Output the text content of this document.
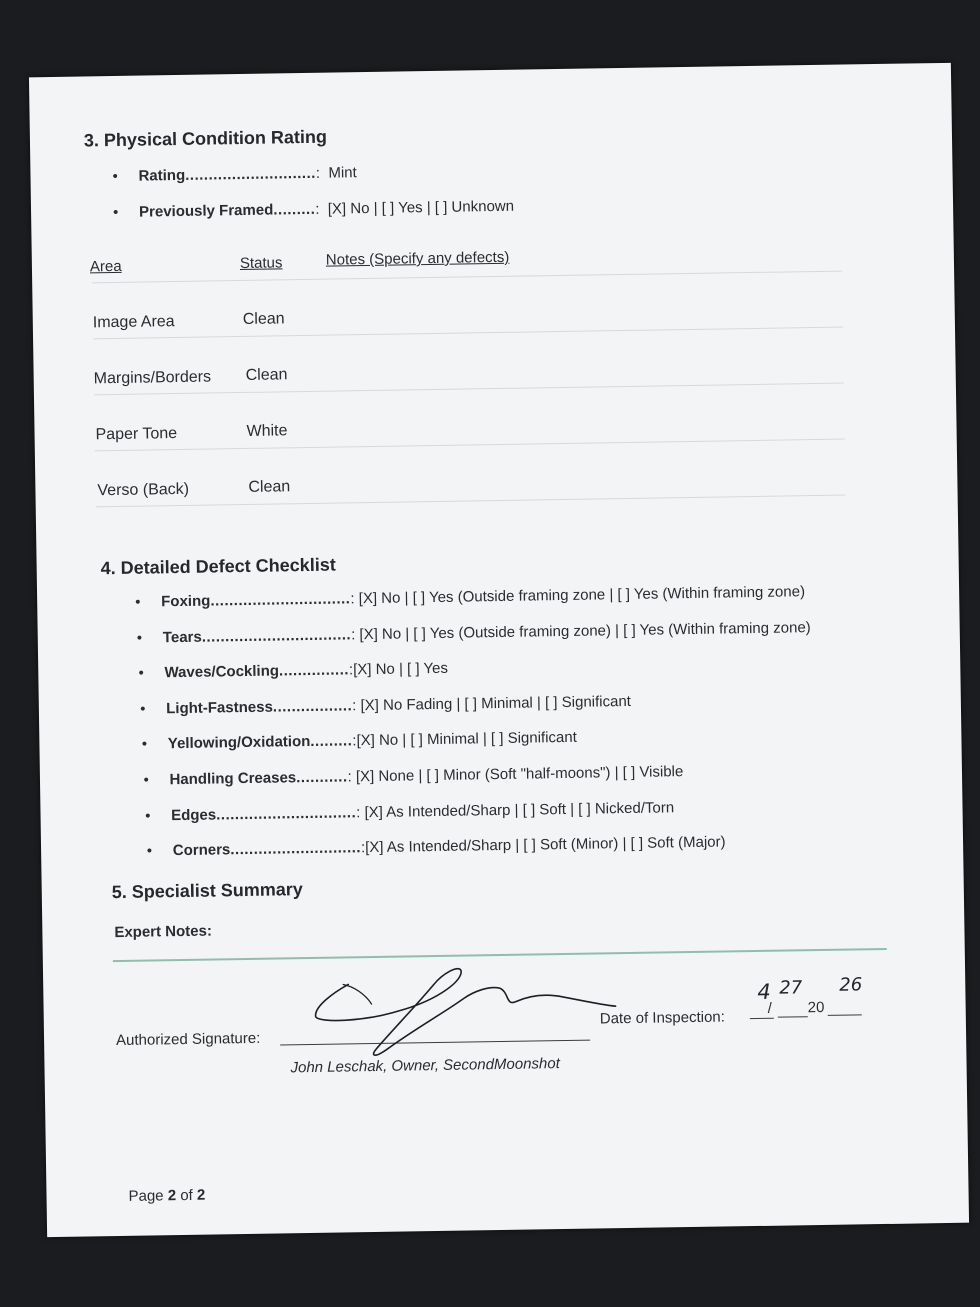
3. Physical Condition Rating
• Rating............................: Mint
• Previously Framed.........: [X] No | [ ] Yes | [ ] Unknown
Area	Status	Notes (Specify any defects)
Image Area	Clean
Margins/Borders Clean
Paper Tone	White
Verso (Back)	Clean
4. Detailed Defect Checklist
• Foxing..............................: [X] No | [ ] Yes (Outside framing zone | [ ] Yes (Within framing zone)
• Tears................................: [X] No | [ ] Yes (Outside framing zone) | [ ] Yes (Within framing zone)
• Waves/Cockling...............:[X] No | [ ] Yes
• Light-Fastness.................: [X] No Fading | [ ] Minimal | [ ] Significant
• Yellowing/Oxidation.........:[X] No | [ ] Minimal | [ ] Significant
• Handling Creases...........: [X] None | [ ] Minor (Soft "half-moons") | [ ] Visible
• Edges..............................: [X] As Intended/Sharp | [ ] Soft | [ ] Nicked/Torn
• Corners............................:[X] As Intended/Sharp | [ ] Soft (Minor) | [ ] Soft (Major)
5. Specialist Summary
Expert Notes:
Authorized Signature:
John Leschak, Owner, SecondMoonshot
Date of Inspection:
4
/
27
20
26
Page 2 of 2
